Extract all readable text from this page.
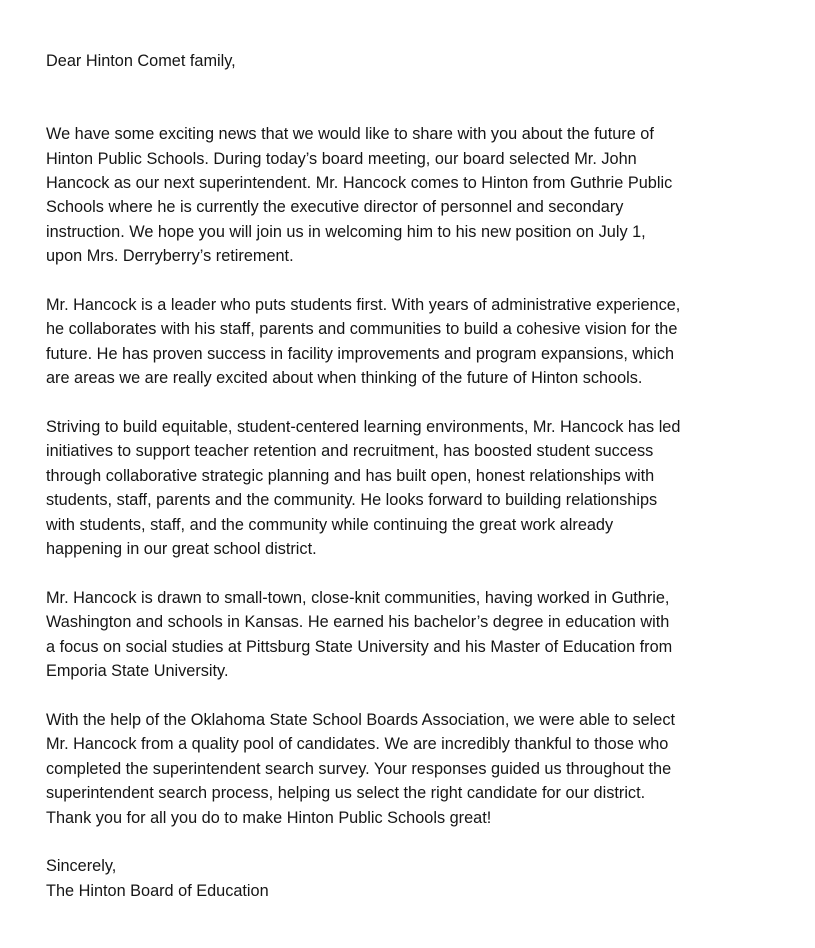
Dear Hinton Comet family,
We have some exciting news that we would like to share with you about the future of
Hinton Public Schools. During today’s board meeting, our board selected Mr. John
Hancock as our next superintendent. Mr. Hancock comes to Hinton from Guthrie Public
Schools where he is currently the executive director of personnel and secondary
instruction. We hope you will join us in welcoming him to his new position on July 1,
upon Mrs. Derryberry’s retirement.
Mr. Hancock is a leader who puts students first. With years of administrative experience,
he collaborates with his staff, parents and communities to build a cohesive vision for the
future. He has proven success in facility improvements and program expansions, which
are areas we are really excited about when thinking of the future of Hinton schools.
Striving to build equitable, student-centered learning environments, Mr. Hancock has led
initiatives to support teacher retention and recruitment, has boosted student success
through collaborative strategic planning and has built open, honest relationships with
students, staff, parents and the community. He looks forward to building relationships
with students, staff, and the community while continuing the great work already
happening in our great school district.
Mr. Hancock is drawn to small-town, close-knit communities, having worked in Guthrie,
Washington and schools in Kansas. He earned his bachelor’s degree in education with
a focus on social studies at Pittsburg State University and his Master of Education from
Emporia State University.
With the help of the Oklahoma State School Boards Association, we were able to select
Mr. Hancock from a quality pool of candidates. We are incredibly thankful to those who
completed the superintendent search survey. Your responses guided us throughout the
superintendent search process, helping us select the right candidate for our district.
Thank you for all you do to make Hinton Public Schools great!
Sincerely,
The Hinton Board of Education
